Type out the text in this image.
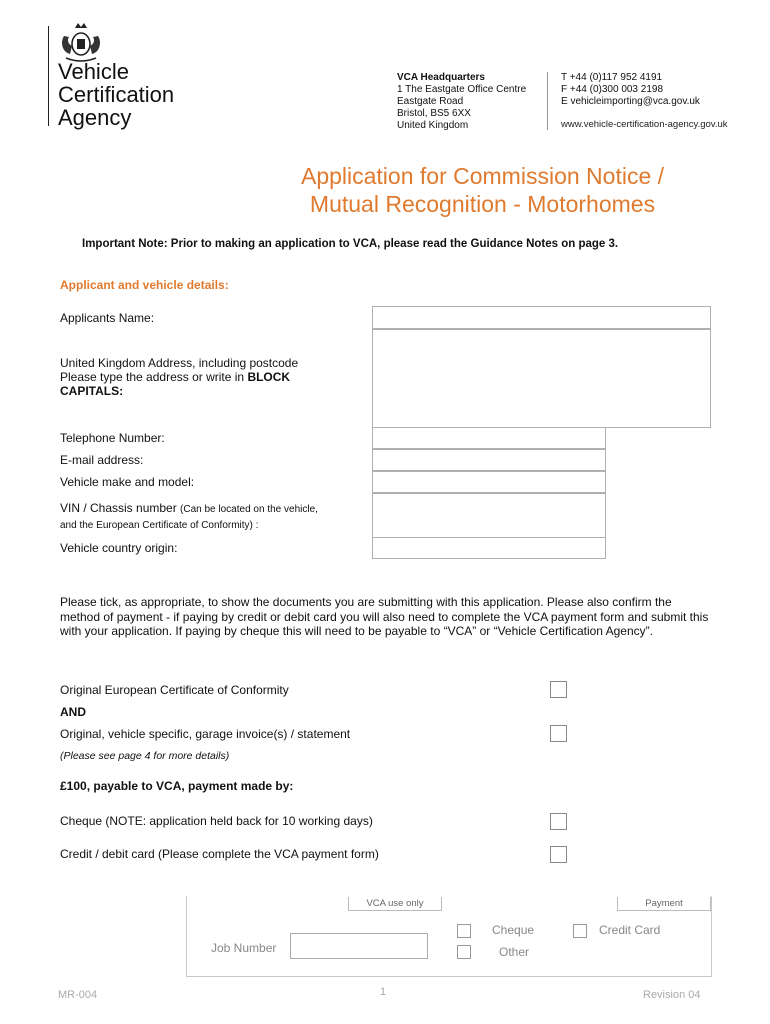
Vehicle
Certification
Agency
VCA Headquarters
1 The Eastgate Office Centre
Eastgate Road
Bristol, BS5 6XX
United Kingdom
T +44 (0)117 952 4191
F +44 (0)300 003 2198
E vehicleimporting@vca.gov.uk
www.vehicle-certification-agency.gov.uk
Application for Commission Notice /
Mutual Recognition - Motorhomes
Important Note: Prior to making an application to VCA, please read the Guidance Notes on page 3.
Applicant and vehicle details:
Applicants Name:
United Kingdom Address, including postcode
Please type the address or write in BLOCK
CAPITALS:
Telephone Number:
E-mail address:
Vehicle make and model:
VIN / Chassis number (Can be located on the vehicle,
and the European Certificate of Conformity) :
Vehicle country origin:
Please tick, as appropriate, to show the documents you are submitting with this application. Please also confirm the method of payment - if paying by credit or debit card you will also need to complete the VCA payment form and submit this with your application. If paying by cheque this will need to be payable to “VCA” or “Vehicle Certification Agency”.
Original European Certificate of Conformity
AND
Original, vehicle specific, garage invoice(s) / statement
(Please see page 4 for more details)
£100, payable to VCA, payment made by:
Cheque (NOTE: application held back for 10 working days)
Credit / debit card (Please complete the VCA payment form)
VCA use only	Payment
Job Number
Cheque	Credit Card
Other
MR-004	1	Revision 04
